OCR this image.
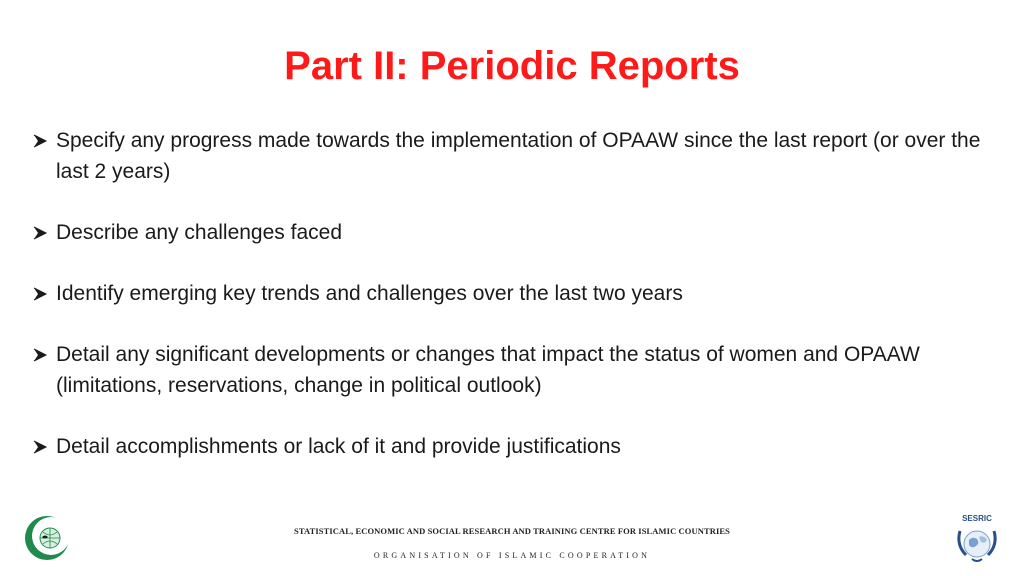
Part II: Periodic Reports
Specify any progress made towards the implementation of OPAAW since the last report (or over the last 2 years)
Describe any challenges faced
Identify emerging key trends and challenges over the last two years
Detail any significant developments or changes that impact the status of women and OPAAW (limitations, reservations, change in political outlook)
Detail accomplishments or lack of it and provide justifications
STATISTICAL, ECONOMIC AND SOCIAL RESEARCH AND TRAINING CENTRE FOR ISLAMIC COUNTRIES
ORGANISATION OF ISLAMIC COOPERATION
SESRIC
